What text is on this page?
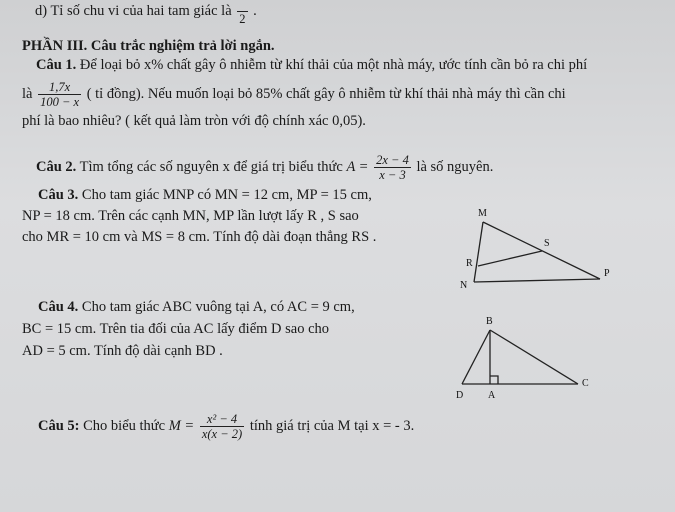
d) Tỉ số chu vi của hai tam giác là

2
.
PHẦN III. Câu trắc nghiệm trả lời ngắn.
Câu 1. Để loại bỏ x% chất gây ô nhiễm từ khí thải của một nhà máy, ước tính cần bỏ ra chi phí
là $\frac{1,7x}{100 - x}$ ( tỉ đồng). Nếu muốn loại bỏ 85% chất gây ô nhiễm từ khí thải nhà máy thì cần chi
phí là bao nhiêu? ( kết quả làm tròn với độ chính xác 0,05).
Câu 2. Tìm tổng các số nguyên x để giá trị biểu thức $A = \frac{2x - 4}{x - 3}$ là số nguyên.
Câu 3. Cho tam giác MNP có MN = 12 cm, MP = 15 cm,
NP = 18 cm. Trên các cạnh MN, MP lần lượt lấy R , S sao
cho MR = 10 cm và MS = 8 cm. Tính độ dài đoạn thẳng RS .
M
S
R
N
P
Câu 4. Cho tam giác ABC vuông tại A, có AC = 9 cm,
BC = 15 cm. Trên tia đối của AC lấy điểm D sao cho
AD = 5 cm. Tính độ dài cạnh BD .
B
D A
C
Câu 5: Cho biểu thức $M = \frac{\text{x² − 4}}{x(x - 2)}$ tính giá trị của M tại x = - 3.
